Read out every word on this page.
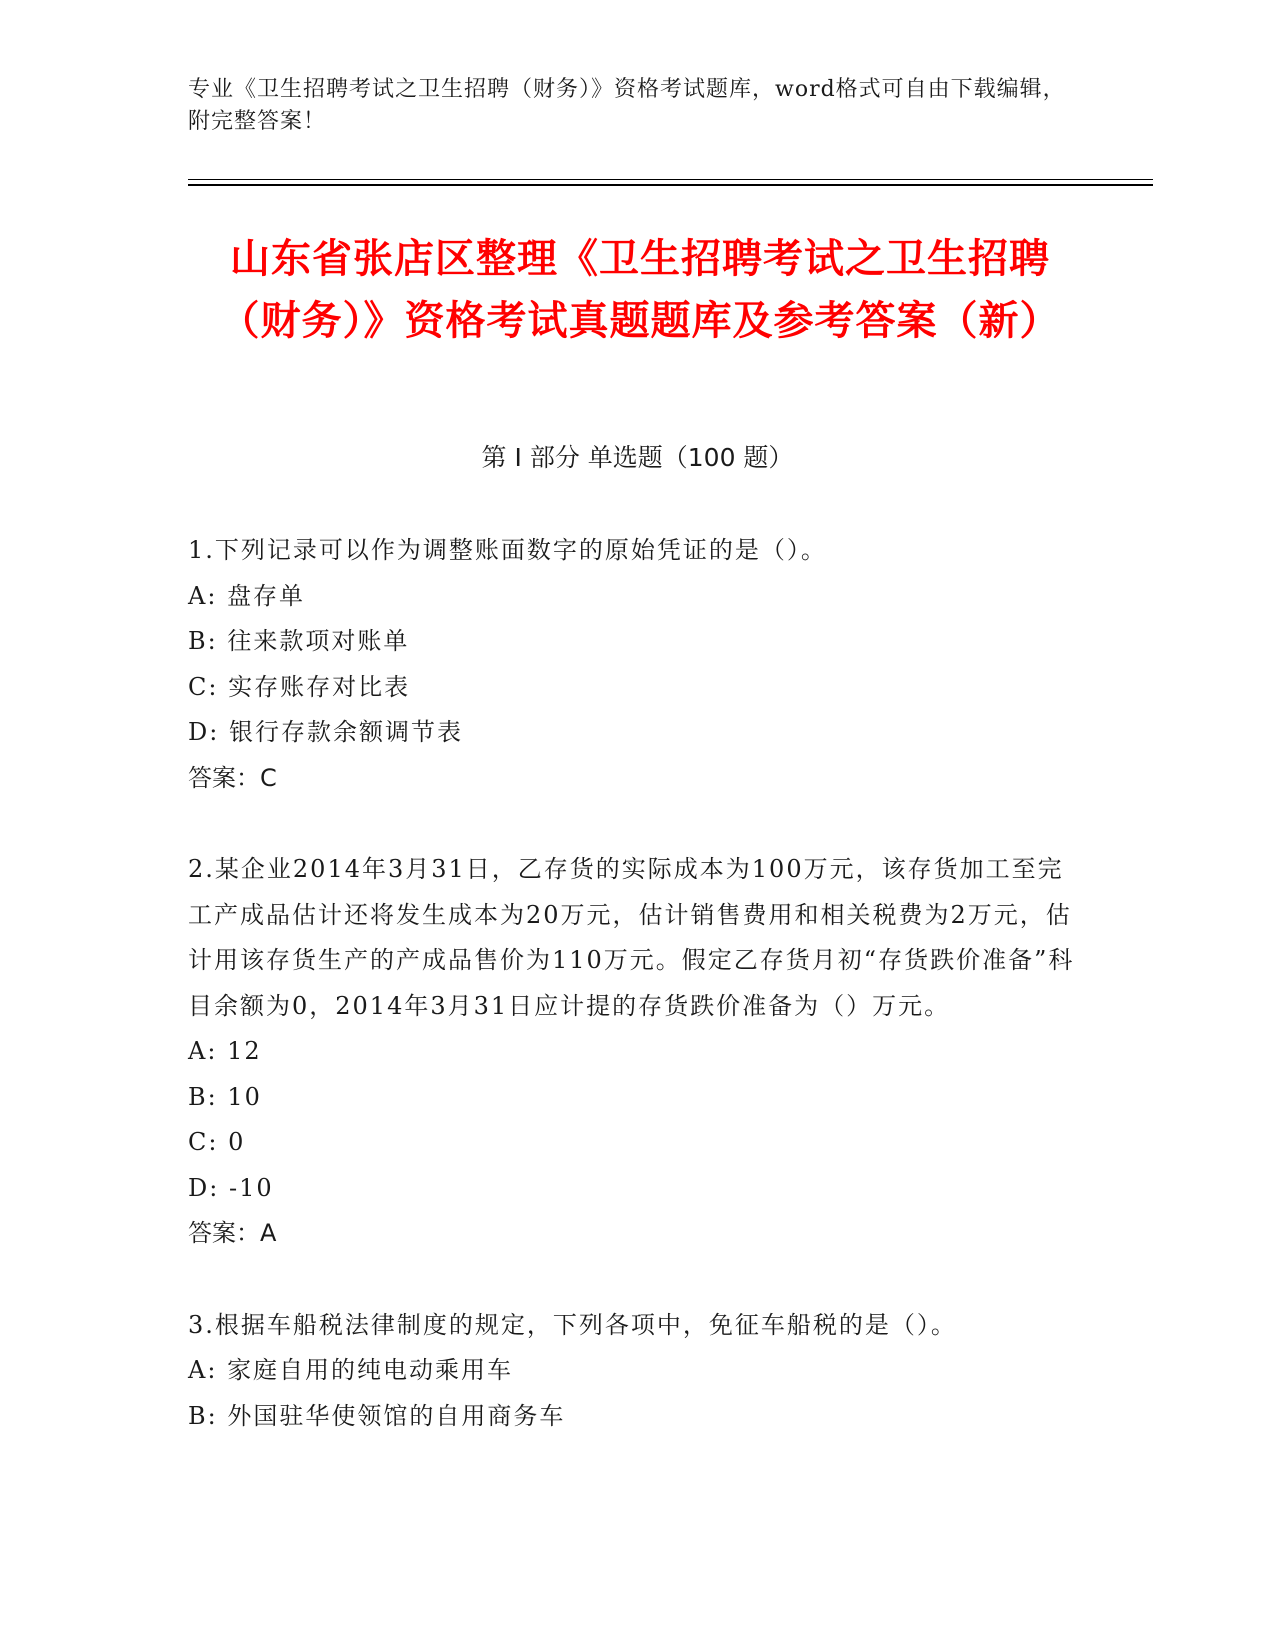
专业《卫生招聘考试之卫生招聘（财务）》资格考试题库，word格式可自由下载编辑，附完整答案！
山东省张店区整理《卫生招聘考试之卫生招聘（财务）》资格考试真题题库及参考答案（新）
第 I 部分 单选题（100 题）

1.下列记录可以作为调整账面数字的原始凭证的是（）。

A: 盘存单

B: 往来款项对账单

C: 实存账存对比表

D: 银行存款余额调节表

答案：C

2.某企业2014年3月31日，乙存货的实际成本为100万元，该存货加工至完工产成品估计还将发生成本为20万元，估计销售费用和相关税费为2万元，估计用该存货生产的产成品售价为110万元。假定乙存货月初“存货跌价准备”科目余额为0，2014年3月31日应计提的存货跌价准备为（）万元。

A: 12

B: 10

C: 0

D: -10

答案：A

3.根据车船税法律制度的规定，下列各项中，免征车船税的是（）。

A: 家庭自用的纯电动乘用车

B: 外国驻华使领馆的自用商务车
